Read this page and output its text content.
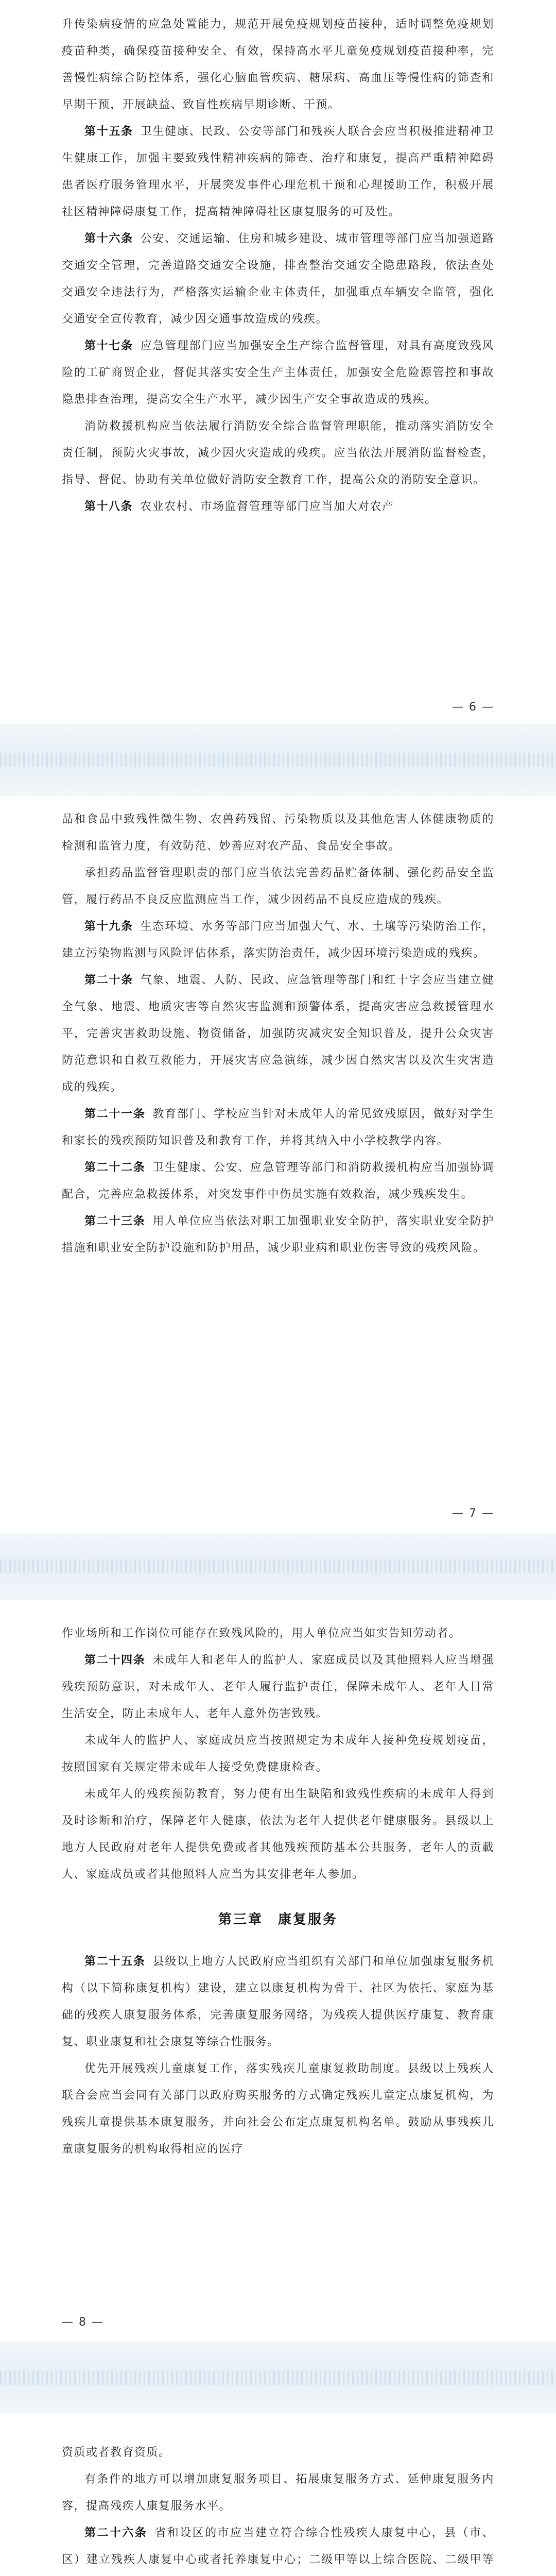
升传染病疫情的应急处置能力，规范开展免疫规划疫苗接种，适时调整免疫规划疫苗种类，确保疫苗接种安全、有效，保持高水平儿童免疫规划疫苗接种率，完善慢性病综合防控体系，强化心脑血管疾病、糖尿病、高血压等慢性病的筛查和早期干预，开展缺益、致盲性疾病早期诊断、干预。

第十五条 卫生健康、民政、公安等部门和残疾人联合会应当积极推进精神卫生健康工作，加强主要致残性精神疾病的筛查、治疗和康复，提高严重精神障碍患者医疗服务管理水平，开展突发事件心理危机干预和心理援助工作，积极开展社区精神障碍康复工作，提高精神障碍社区康复服务的可及性。

第十六条 公安、交通运输、住房和城乡建设、城市管理等部门应当加强道路交通安全管理，完善道路交通安全设施，排查整治交通安全隐患路段，依法查处交通安全违法行为，严格落实运输企业主体责任，加强重点车辆安全监管，强化交通安全宣传教育，减少因交通事故造成的残疾。

第十七条 应急管理部门应当加强安全生产综合监督管理，对具有高度致残风险的工矿商贸企业，督促其落实安全生产主体责任，加强安全危险源管控和事故隐患排查治理，提高安全生产水平，减少因生产安全事故造成的残疾。

消防救援机构应当依法履行消防安全综合监督管理职能，推动落实消防安全责任制，预防火灾事故，减少因火灾造成的残疾。应当依法开展消防监督检查，指导、督促、协助有关单位做好消防安全教育工作，提高公众的消防安全意识。

第十八条 农业农村、市场监督管理等部门应当加大对农产

— 6 —

品和食品中致残性微生物、农兽药残留、污染物质以及其他危害人体健康物质的检测和监管力度，有效防范、妙善应对农产品、食品安全事故。

承担药品监督管理职责的部门应当依法完善药品贮备体制、强化药品安全监管，履行药品不良反应监测应当工作，减少因药品不良反应造成的残疾。

第十九条 生态环境、水务等部门应当加强大气、水、土壤等污染防治工作，建立污染物监测与风险评估体系，落实防治责任，减少因环境污染造成的残疾。

第二十条 气象、地震、人防、民政、应急管理等部门和红十字会应当建立健全气象、地震、地质灾害等自然灾害监测和预警体系，提高灾害应急救援管理水平，完善灾害救助设施、物资储备，加强防灾减灾安全知识普及，提升公众灾害防范意识和自救互救能力，开展灾害应急演练，减少因自然灾害以及次生灾害造成的残疾。

第二十一条 教育部门、学校应当针对未成年人的常见致残原因，做好对学生和家长的残疾预防知识普及和教育工作，并将其纳入中小学校教学内容。

第二十二条 卫生健康、公安、应急管理等部门和消防救援机构应当加强协调配合，完善应急救援体系，对突发事件中伤员实施有效救治，减少残疾发生。

第二十三条 用人单位应当依法对职工加强职业安全防护，落实职业安全防护措施和职业安全防护设施和防护用品，减少职业病和职业伤害导致的残疾风险。

— 7 —

作业场所和工作岗位可能存在致残风险的，用人单位应当如实告知劳动者。

第二十四条 未成年人和老年人的监护人、家庭成员以及其他照料人应当增强残疾预防意识，对未成年人、老年人履行监护责任，保障未成年人、老年人日常生活安全，防止未成年人、老年人意外伤害致残。

未成年人的监护人、家庭成员应当按照规定为未成年人接种免疫规划疫苗，按照国家有关规定带未成年人接受免费健康检查。

未成年人的残疾预防教育，努力使有出生缺陷和致残性疾病的未成年人得到及时诊断和治疗，保障老年人健康，依法为老年人提供老年健康服务。县级以上地方人民政府对老年人提供免费或者其他残疾预防基本公共服务，老年人的贡載人、家庭成员或者其他照料人应当为其安排老年人参加。

第三章　康复服务

第二十五条 县级以上地方人民政府应当组织有关部门和单位加强康复服务机构（以下简称康复机构）建设，建立以康复机构为骨干、社区为依托、家庭为基础的残疾人康复服务体系，完善康复服务网络，为残疾人提供医疗康复、教育康复、职业康复和社会康复等综合性服务。

优先开展残疾儿童康复工作，落实残疾儿童康复救助制度。县级以上残疾人联合会应当会同有关部门以政府购买服务的方式确定残疾儿童定点康复机构，为残疾儿童提供基本康复服务，并向社会公布定点康复机构名单。鼓励从事残疾儿童康复服务的机构取得相应的医疗

— 8 —

资质或者教育资质。

有条件的地方可以增加康复服务项目、拓展康复服务方式、延伸康复服务内容，提高残疾人康复服务水平。

第二十六条 省和设区的市应当建立符合综合性残疾人康复中心，县（市、区）建立残疾人康复中心或者托养康复中心；二级甲等以上综合医院、二级甲等
